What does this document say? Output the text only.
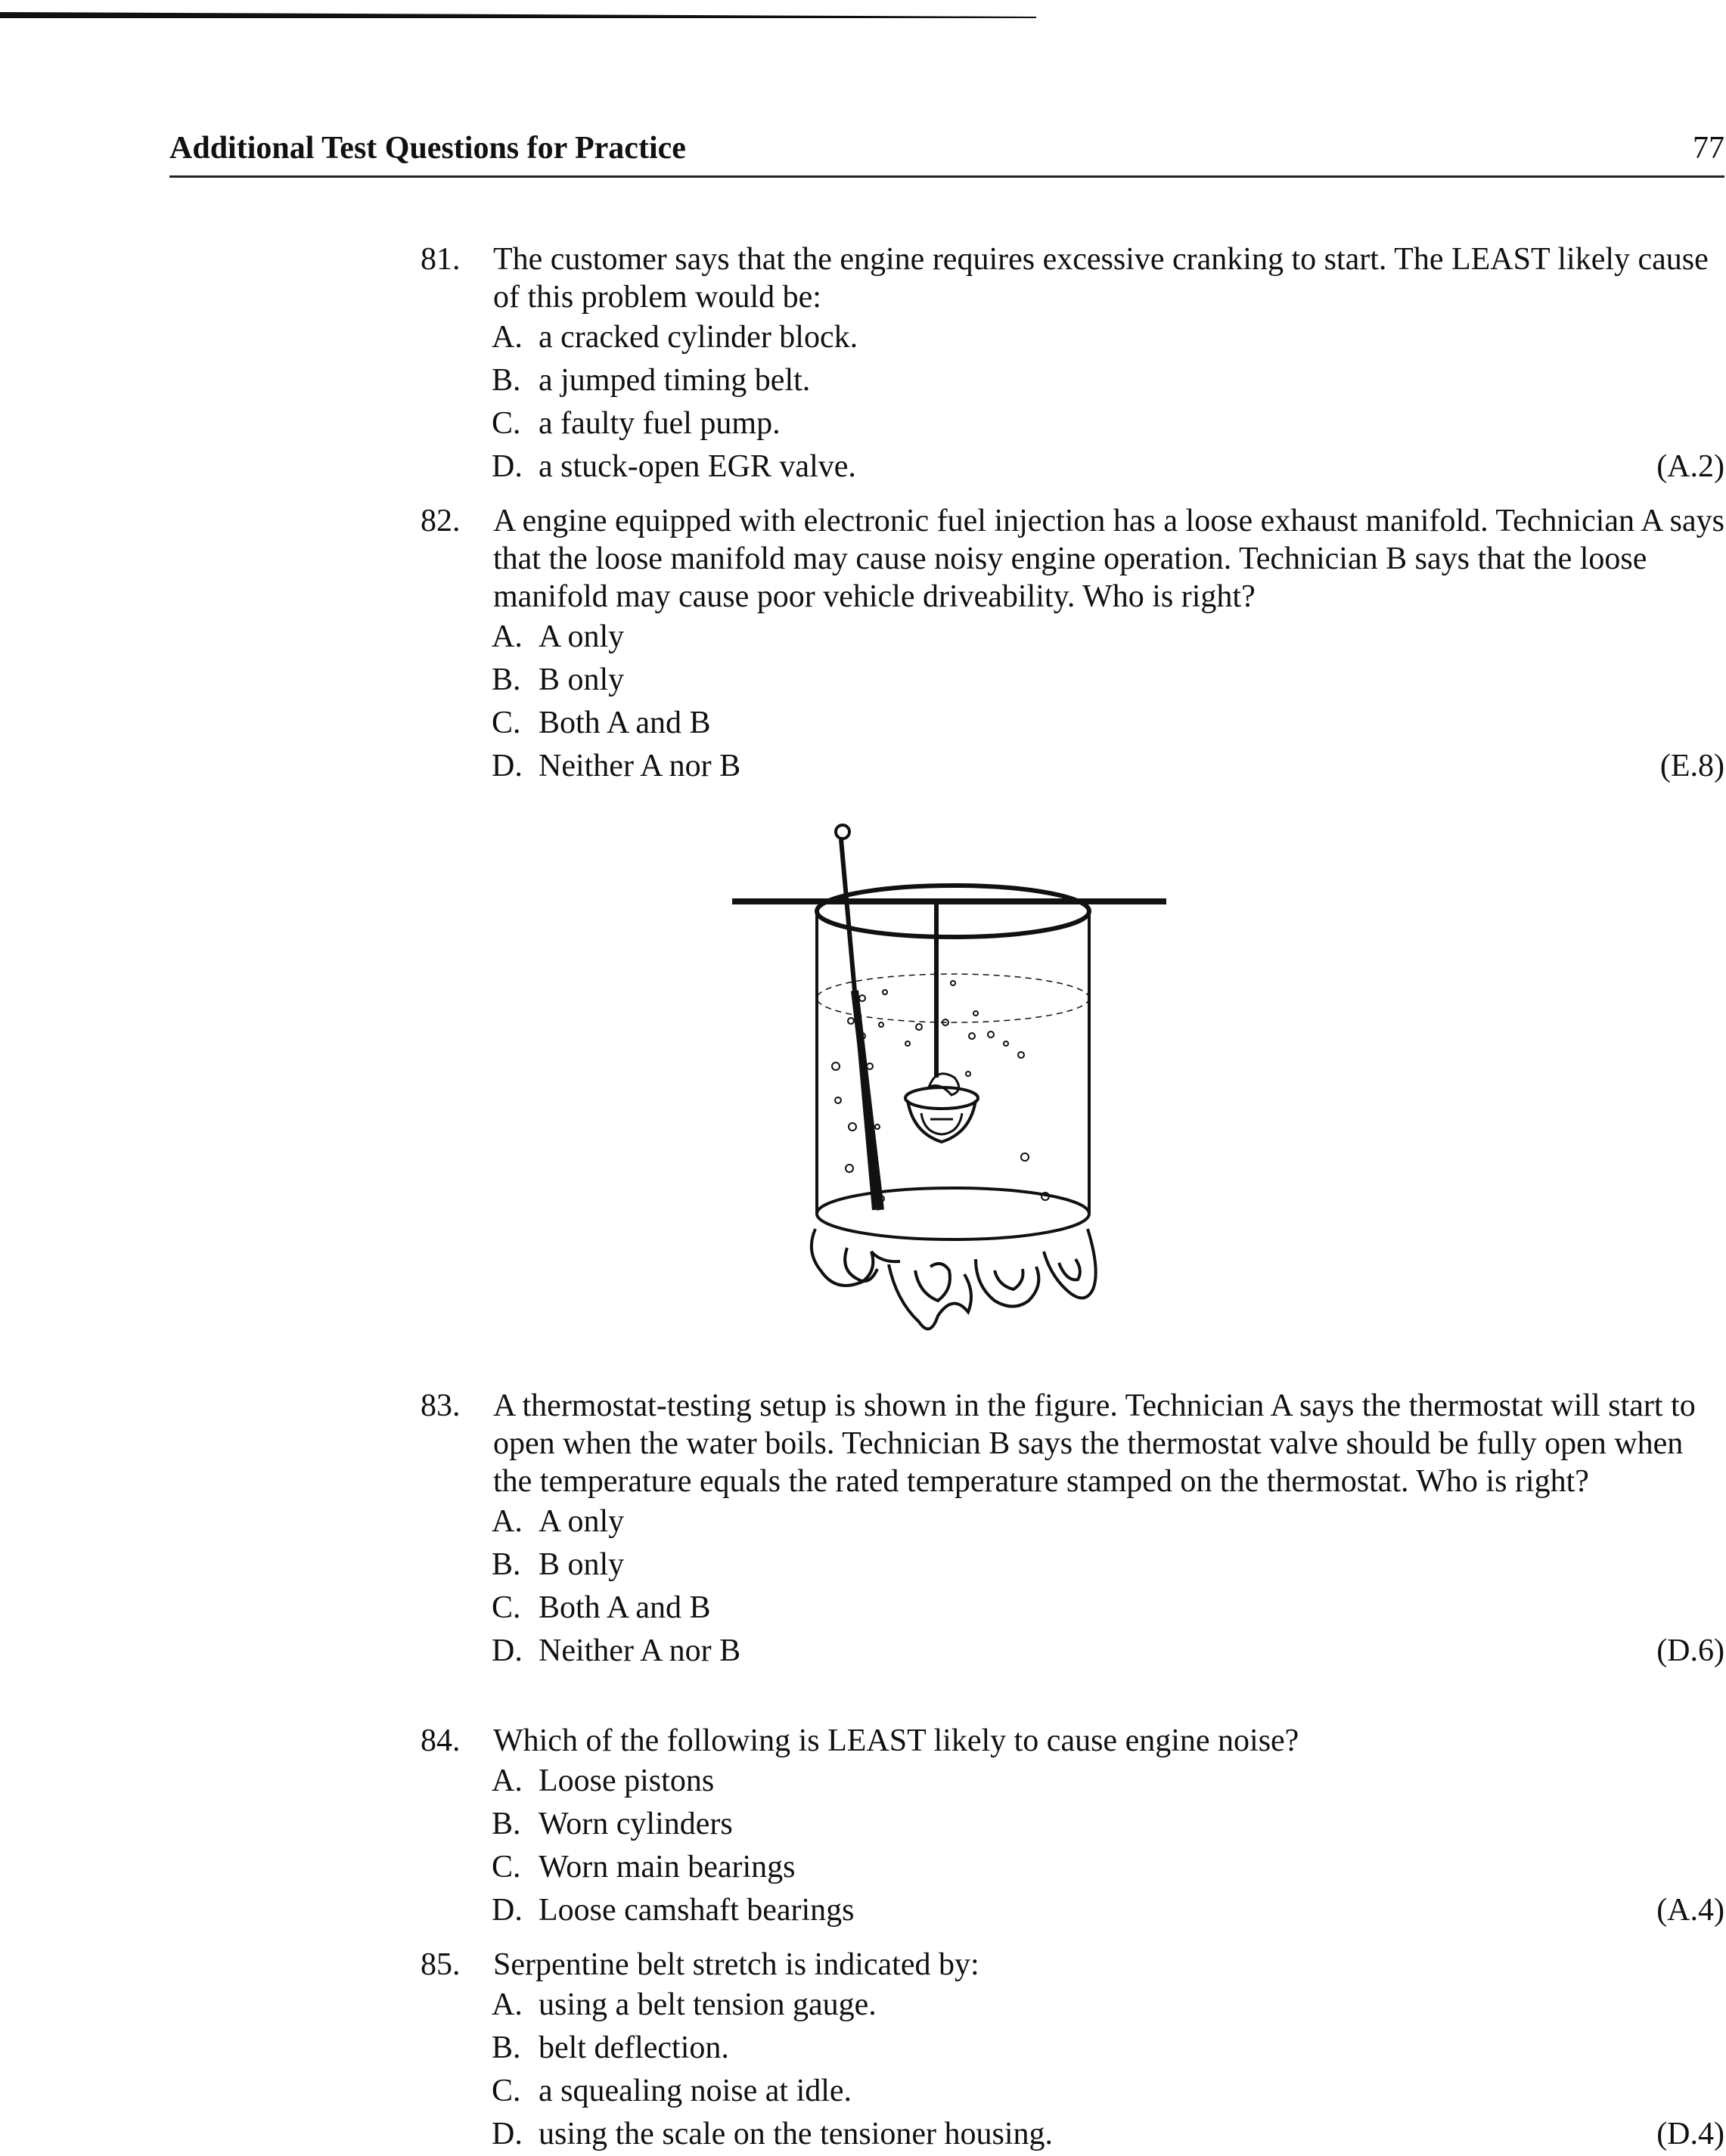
Additional Test Questions for Practice	77
81.	The customer says that the engine requires excessive cranking to start. The LEAST likely cause of this problem would be:
A. a cracked cylinder block.
B. a jumped timing belt.
C. a faulty fuel pump.
D. a stuck-open EGR valve.	(A.2)
82.	A engine equipped with electronic fuel injection has a loose exhaust manifold. Technician A says that the loose manifold may cause noisy engine operation. Technician B says that the loose manifold may cause poor vehicle driveability. Who is right?
A. A only
B. B only
C. Both A and B
D. Neither A nor B	(E.8)
83.	A thermostat-testing setup is shown in the figure. Technician A says the thermostat will start to open when the water boils. Technician B says the thermostat valve should be fully open when the temperature equals the rated temperature stamped on the thermostat. Who is right?
A. A only
B. B only
C. Both A and B
D. Neither A nor B	(D.6)
84.	Which of the following is LEAST likely to cause engine noise?
A. Loose pistons
B. Worn cylinders
C. Worn main bearings
D. Loose camshaft bearings	(A.4)
85.	Serpentine belt stretch is indicated by:
A. using a belt tension gauge.
B. belt deflection.
C. a squealing noise at idle.
D. using the scale on the tensioner housing.	(D.4)
